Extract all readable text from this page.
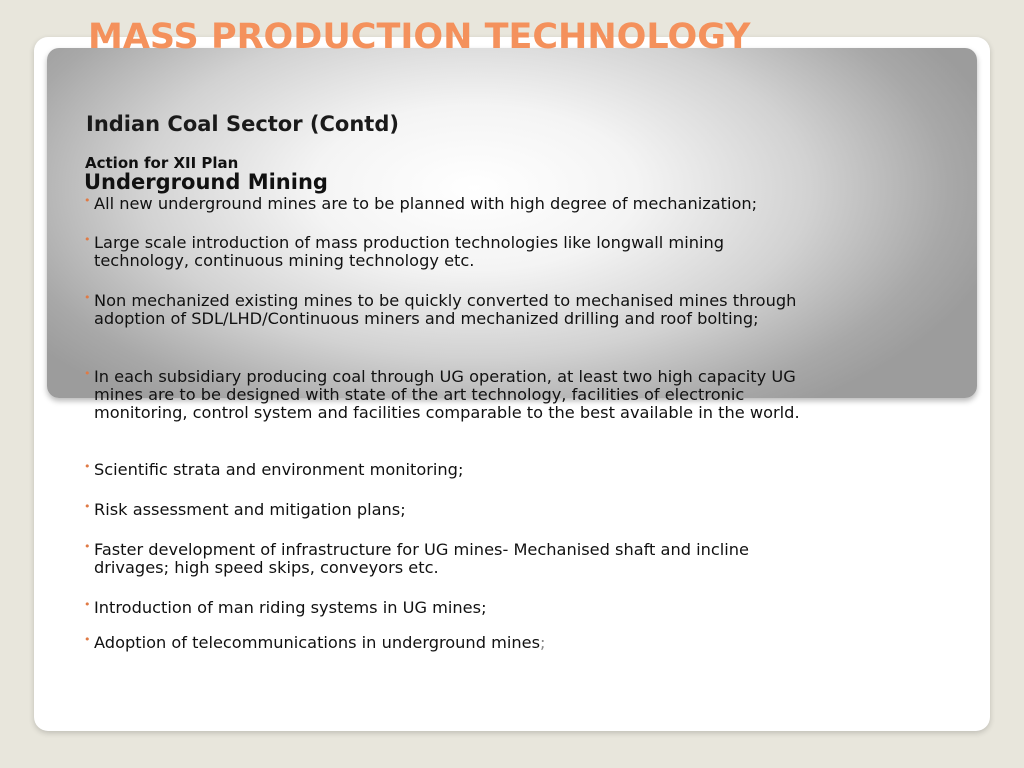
MASS PRODUCTION TECHNOLOGY
Indian Coal Sector (Contd)
Action for XII Plan
Underground Mining
• All new underground mines are to be planned with high degree of mechanization;
• Large scale introduction of mass production technologies like longwall mining technology, continuous mining technology etc.
• Non mechanized existing mines to be quickly converted to mechanised mines through adoption of SDL/LHD/Continuous miners and mechanized drilling and roof bolting;
• In each subsidiary producing coal through UG operation, at least two high capacity UG mines are to be designed with state of the art technology, facilities of electronic monitoring, control system and facilities comparable to the best available in the world.
• Scientific strata and environment monitoring;
• Risk assessment and mitigation plans;
• Faster development of infrastructure for UG mines- Mechanised shaft and incline drivages; high speed skips, conveyors etc.
• Introduction of man riding systems in UG mines;
• Adoption of telecommunications in underground mines;
